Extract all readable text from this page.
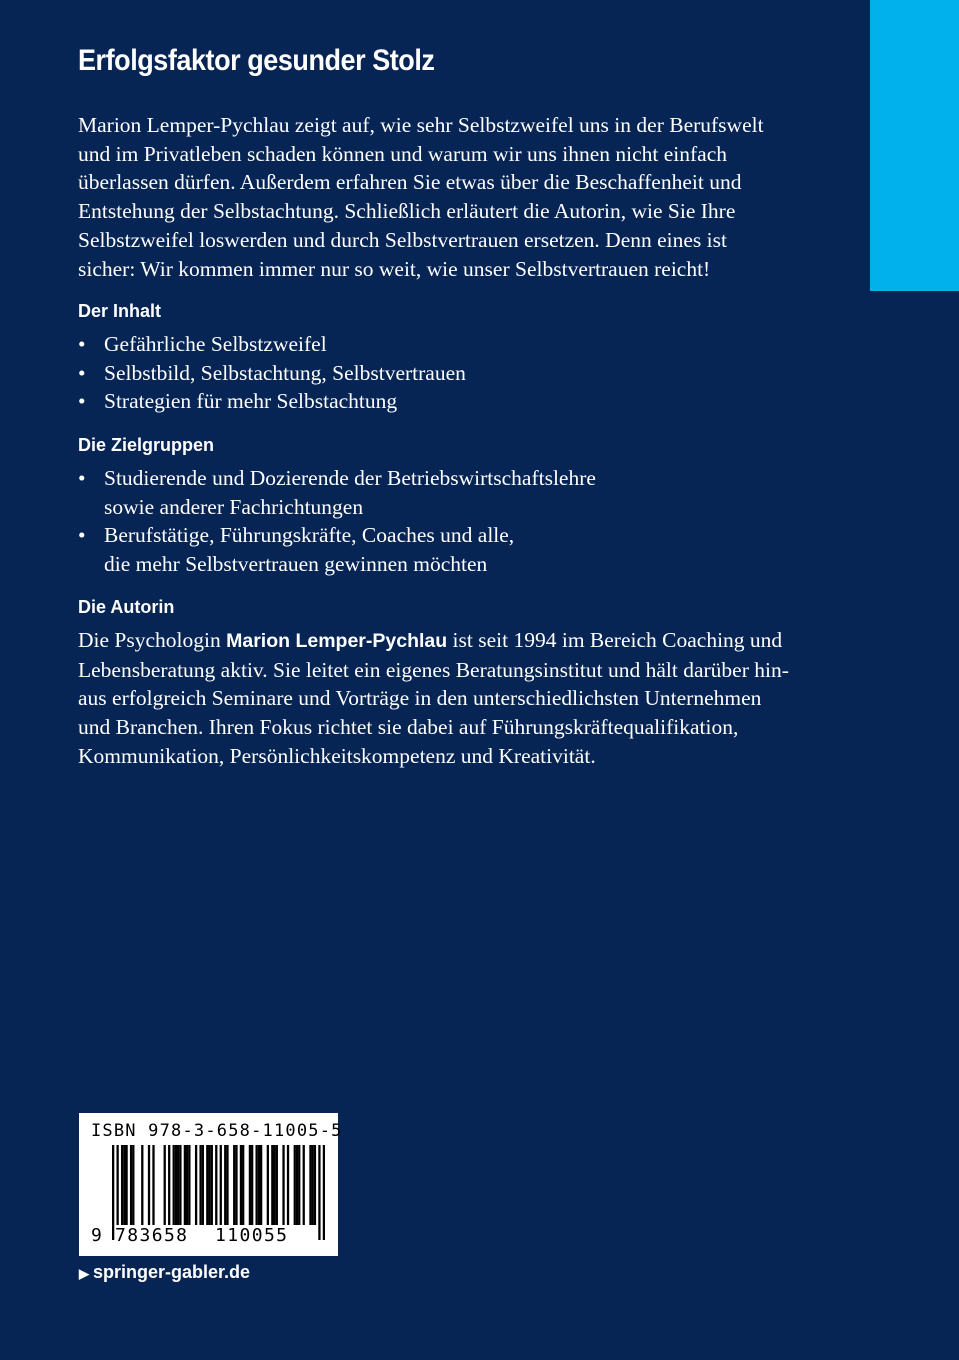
Erfolgsfaktor gesunder Stolz

Marion Lemper-Pychlau zeigt auf, wie sehr Selbstzweifel uns in der Berufswelt
und im Privatleben schaden können und warum wir uns ihnen nicht einfach
überlassen dürfen. Außerdem erfahren Sie etwas über die Beschaffenheit und
Entstehung der Selbstachtung. Schließlich erläutert die Autorin, wie Sie Ihre
Selbstzweifel loswerden und durch Selbstvertrauen ersetzen. Denn eines ist
sicher: Wir kommen immer nur so weit, wie unser Selbstvertrauen reicht!

Der Inhalt
• Gefährliche Selbstzweifel
• Selbstbild, Selbstachtung, Selbstvertrauen
• Strategien für mehr Selbstachtung
Die Zielgruppen
• Studierende und Dozierende der Betriebswirtschaftslehre
sowie anderer Fachrichtungen
• Berufstätige, Führungskräfte, Coaches und alle,
die mehr Selbstvertrauen gewinnen möchten
Die Autorin

Die Psychologin Marion Lemper-Pychlau ist seit 1994 im Bereich Coaching und
Lebensberatung aktiv. Sie leitet ein eigenes Beratungsinstitut und hält darüber hin-
aus erfolgreich Seminare und Vorträge in den unterschiedlichsten Unternehmen
und Branchen. Ihren Fokus richtet sie dabei auf Führungskräftequalifikation,
Kommunikation, Persönlichkeitskompetenz und Kreativität.

ISBN 978-3-658-11005-5
9 783658	110055
▶ springer-gabler.de
